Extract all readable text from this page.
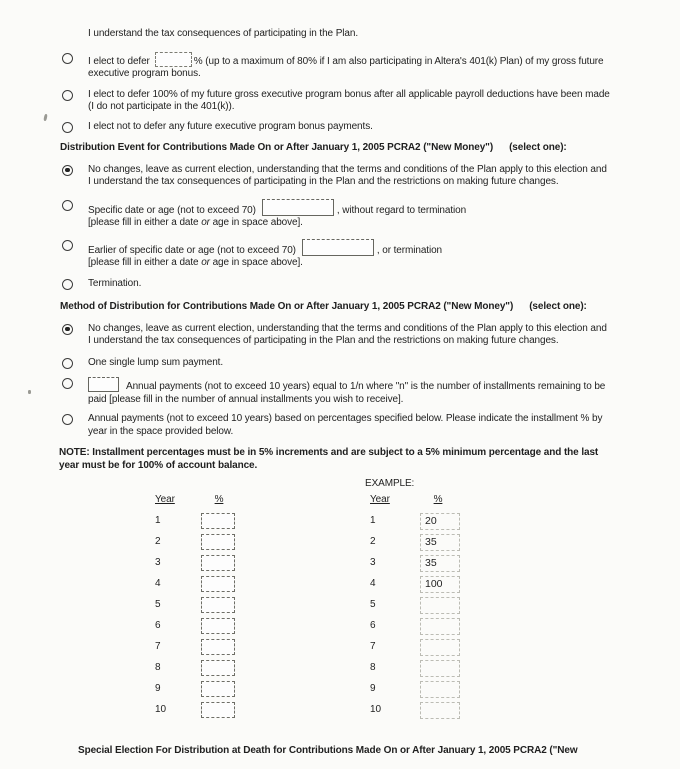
I understand the tax consequences of participating in the Plan.
I elect to defer	% (up to a maximum of 80% if I am also participating in Altera's 401(k) Plan) of my gross future
executive program bonus.
I elect to defer 100% of my future gross executive program bonus after all applicable payroll deductions have been made
(I do not participate in the 401(k)).
I elect not to defer any future executive program bonus payments.
Distribution Event for Contributions Made On or After January 1, 2005 PCRA2 ("New Money") (select one):
No changes, leave as current election, understanding that the terms and conditions of the Plan apply to this election and
I understand the tax consequences of participating in the Plan and the restrictions on making future changes.
Specific date or age (not to exceed 70)	, without regard to termination
[please fill in either a date or age in space above].
Earlier of specific date or age (not to exceed 70)	, or termination
[please fill in either a date or age in space above].
Termination.
Method of Distribution for Contributions Made On or After January 1, 2005 PCRA2 ("New Money") (select one):
No changes, leave as current election, understanding that the terms and conditions of the Plan apply to this election and
I understand the tax consequences of participating in the Plan and the restrictions on making future changes.
One single lump sum payment.
Annual payments (not to exceed 10 years) equal to 1/n where "n" is the number of installments remaining to be
paid [please fill in the number of annual installments you wish to receive].
Annual payments (not to exceed 10 years) based on percentages specified below. Please indicate the installment % by
year in the space provided below.
NOTE: Installment percentages must be in 5% increments and are subject to a 5% minimum percentage and the last
year must be for 100% of account balance.
EXAMPLE:
Year	%
1
2
3
4
5
6
7
8
9
10
Year	%
1	20
2	35
3	35
4	100
5
6
7
8
9
10
Special Election For Distribution at Death for Contributions Made On or After January 1, 2005 PCRA2 ("New
